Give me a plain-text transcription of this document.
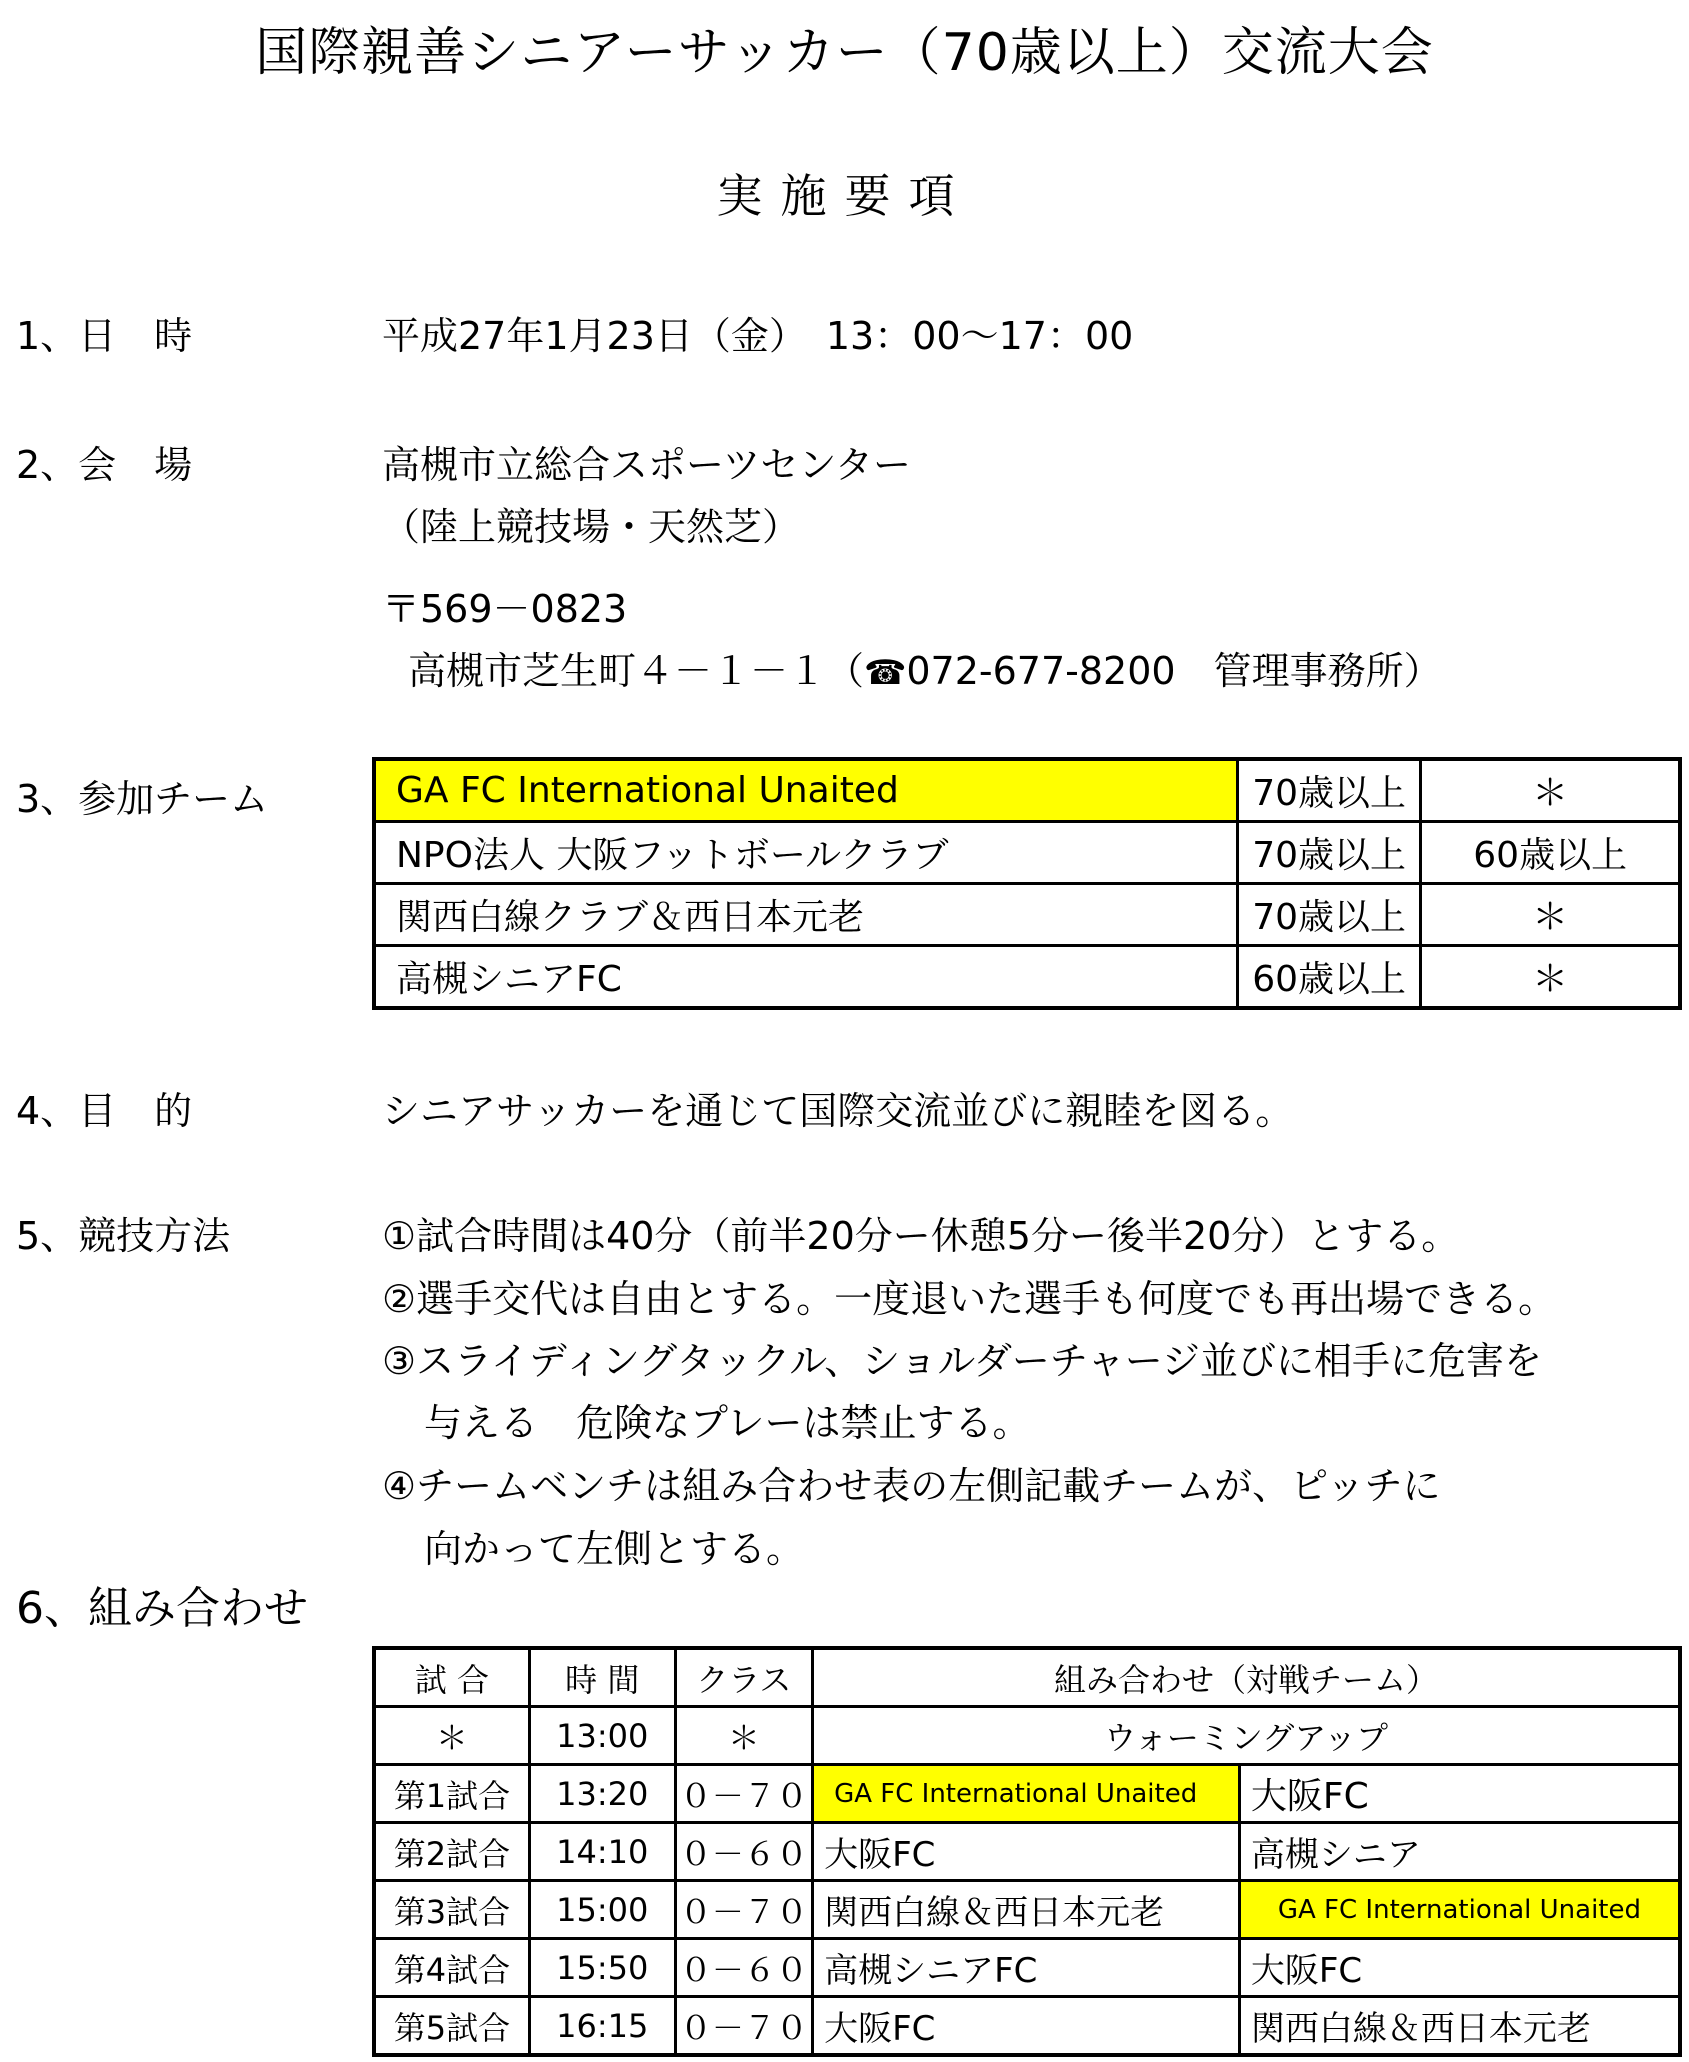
国際親善シニアーサッカー（70歳以上）交流大会
実施要項
1、日　時	平成27年1月23日（金）　13：00～17：00
2、会　場	高槻市立総合スポーツセンター
（陸上競技場・天然芝）
〒569－0823
高槻市芝生町４－１－１（☎072-677-8200　管理事務所）
3、参加チーム	GA FC International Unaited	70歳以上	＊
NPO法人 大阪フットボールクラブ	70歳以上	60歳以上
関西白線クラブ＆西日本元老	70歳以上	＊
高槻シニアFC	60歳以上	＊
4、目　的	シニアサッカーを通じて国際交流並びに親睦を図る。
5、競技方法	①試合時間は40分（前半20分ー休憩5分ー後半20分）とする。
②選手交代は自由とする。一度退いた選手も何度でも再出場できる。
③スライディングタックル、ショルダーチャージ並びに相手に危害を
与える　危険なプレーは禁止する。
④チームベンチは組み合わせ表の左側記載チームが、ピッチに
向かって左側とする。
6、組み合わせ
試 合	時 間	クラス	組み合わせ（対戦チーム）	
＊	13:00	＊	ウォーミングアップ	
第1試合	13:20	０－７０	GA FC International Unaited	大阪FC
第2試合	14:10	０－６０	大阪FC	高槻シニア
第3試合	15:00	０－７０	関西白線＆西日本元老	GA FC International Unaited
第4試合	15:50	０－６０	高槻シニアFC	大阪FC
第5試合	16:15	０－７０	大阪FC	関西白線＆西日本元老
